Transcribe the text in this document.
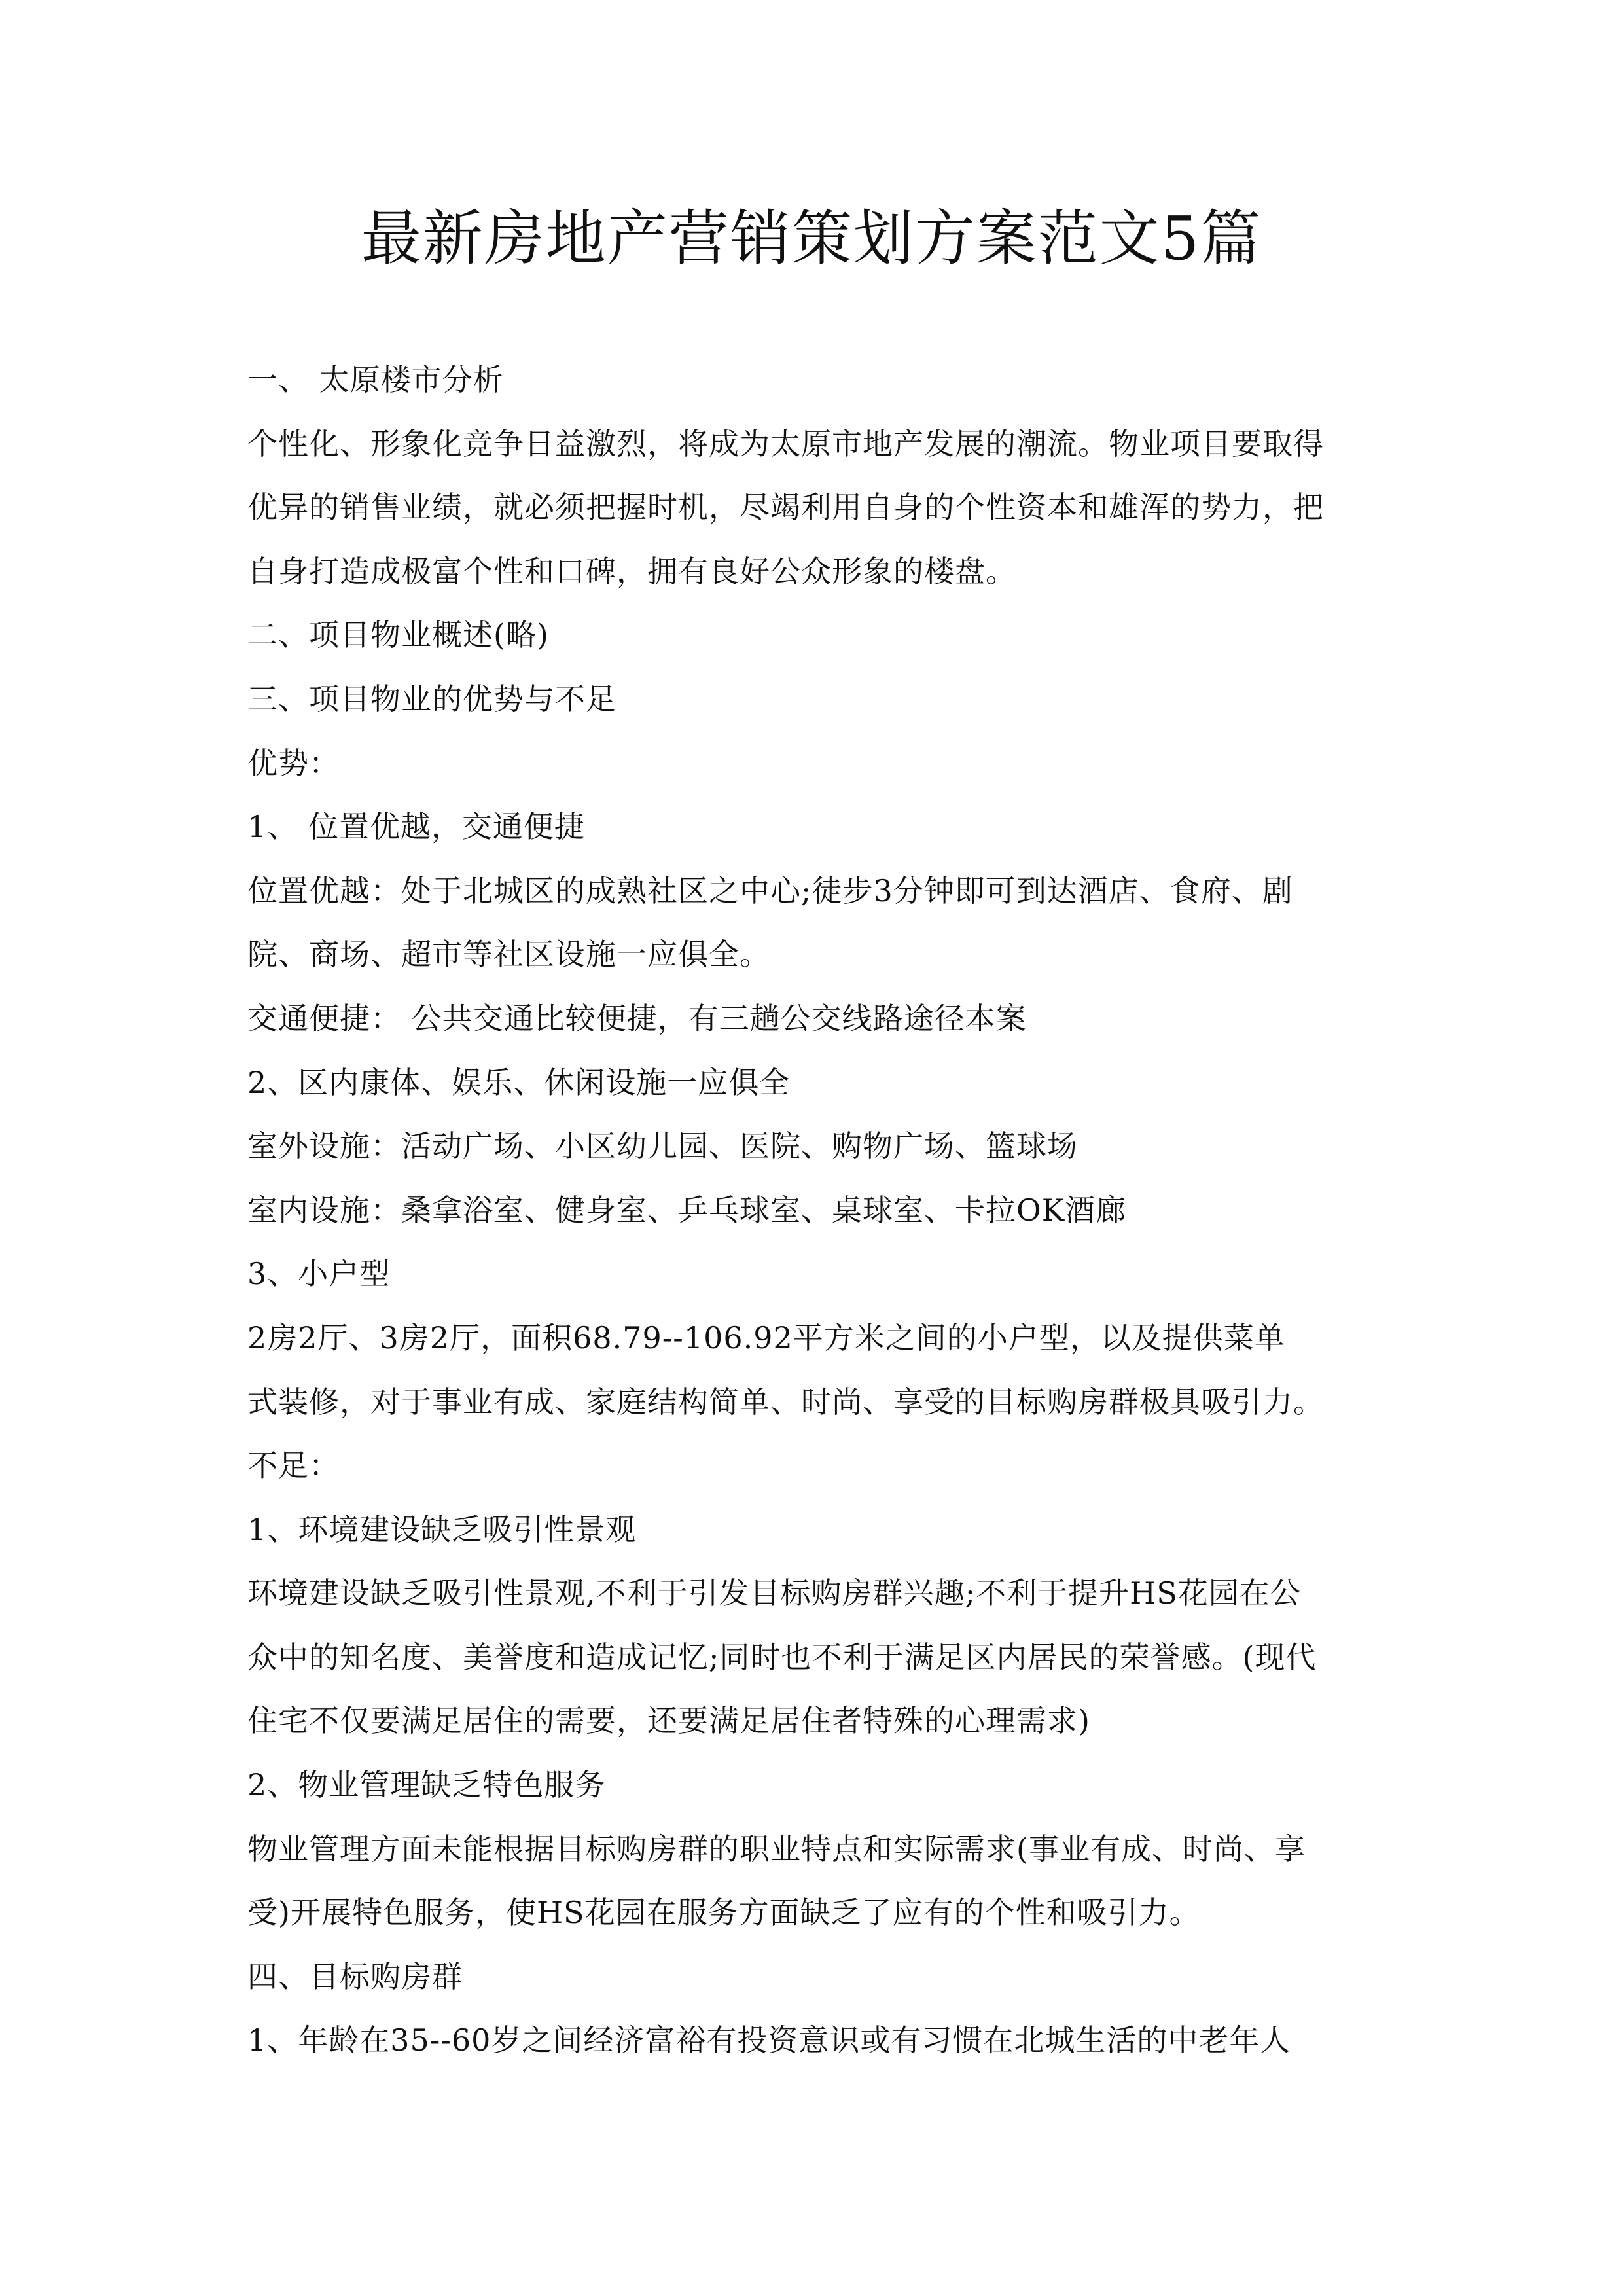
最新房地产营销策划方案范文5篇
一、 太原楼市分析
个性化、形象化竞争日益激烈，将成为太原市地产发展的潮流。物业项目要取得
优异的销售业绩，就必须把握时机，尽竭利用自身的个性资本和雄浑的势力，把
自身打造成极富个性和口碑，拥有良好公众形象的楼盘。
二、项目物业概述(略)
三、项目物业的优势与不足
优势：
1、 位置优越，交通便捷
位置优越：处于北城区的成熟社区之中心;徒步3分钟即可到达酒店、食府、剧
院、商场、超市等社区设施一应俱全。
交通便捷： 公共交通比较便捷，有三趟公交线路途径本案
2、区内康体、娱乐、休闲设施一应俱全
室外设施：活动广场、小区幼儿园、医院、购物广场、篮球场
室内设施：桑拿浴室、健身室、乒乓球室、桌球室、卡拉OK酒廊
3、小户型
2房2厅、3房2厅，面积68.79--106.92平方米之间的小户型，以及提供菜单
式装修，对于事业有成、家庭结构简单、时尚、享受的目标购房群极具吸引力。
不足：
1、环境建设缺乏吸引性景观
环境建设缺乏吸引性景观,不利于引发目标购房群兴趣;不利于提升HS花园在公
众中的知名度、美誉度和造成记忆;同时也不利于满足区内居民的荣誉感。(现代
住宅不仅要满足居住的需要，还要满足居住者特殊的心理需求)
2、物业管理缺乏特色服务
物业管理方面未能根据目标购房群的职业特点和实际需求(事业有成、时尚、享
受)开展特色服务，使HS花园在服务方面缺乏了应有的个性和吸引力。
四、目标购房群
1、年龄在35--60岁之间经济富裕有投资意识或有习惯在北城生活的中老年人
